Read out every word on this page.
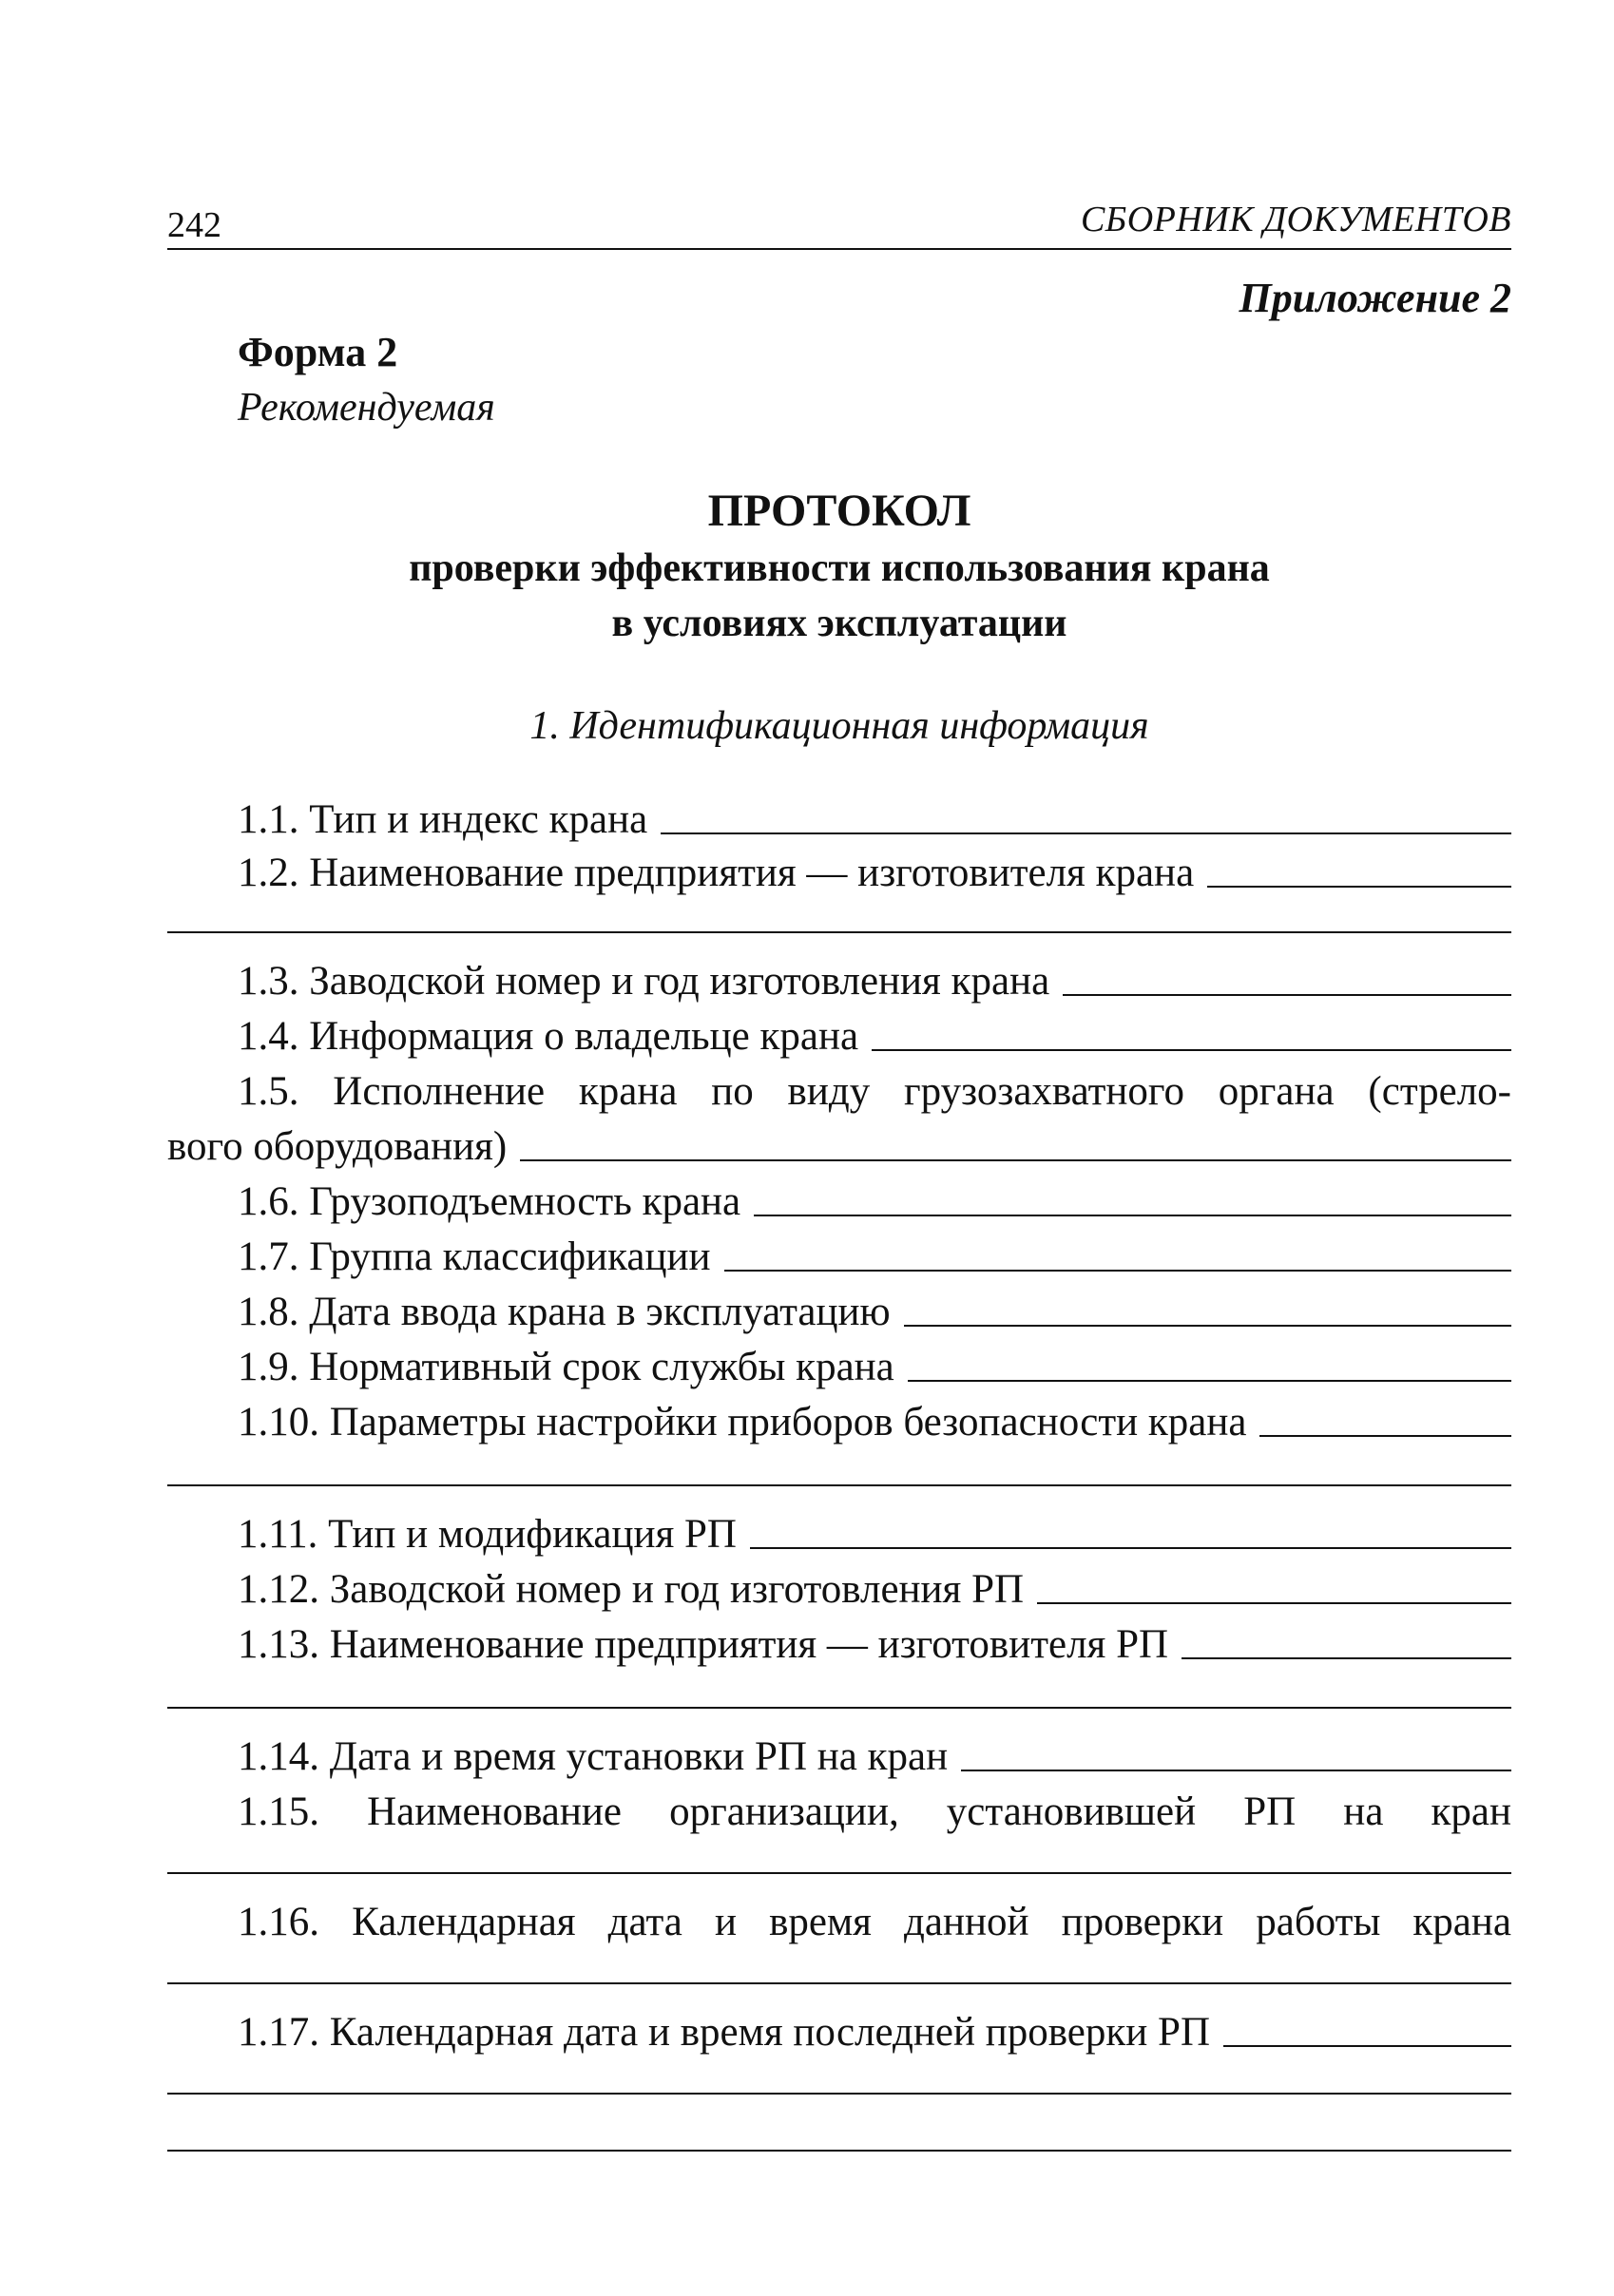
242	СБОРНИК ДОКУМЕНТОВ
Приложение 2
Форма 2
Рекомендуемая
ПРОТОКОЛ
проверки эффективности использования крана
в условиях эксплуатации
1. Идентификационная информация
1.1. Тип и индекс крана
1.2. Наименование предприятия — изготовителя крана
1.3. Заводской номер и год изготовления крана
1.4. Информация о владельце крана
1.5. Исполнение крана по виду грузозахватного органа (стрело-
вого оборудования)
1.6. Грузоподъемность крана
1.7. Группа классификации
1.8. Дата ввода крана в эксплуатацию
1.9. Нормативный срок службы крана
1.10. Параметры настройки приборов безопасности крана
1.11. Тип и модификация РП
1.12. Заводской номер и год изготовления РП
1.13. Наименование предприятия — изготовителя РП
1.14. Дата и время установки РП на кран
1.15. Наименование организации, установившей РП на кран
1.16. Календарная дата и время данной проверки работы крана
1.17. Календарная дата и время последней проверки РП
